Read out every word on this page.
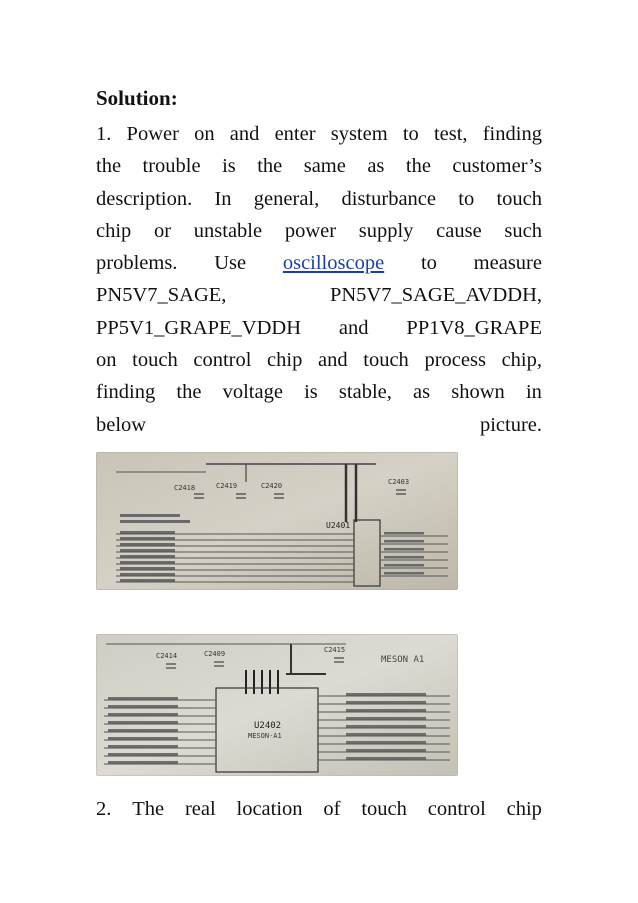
Solution:
1. Power on and enter system to test, finding
the trouble is the same as the customer’s
description. In general, disturbance to touch
chip or unstable power supply cause such
problems. Use oscilloscope to measure
PN5V7_SAGE,	PN5V7_SAGE_AVDDH,
PP5V1_GRAPE_VDDH and PP1V8_GRAPE
on touch control chip and touch process chip,
finding the voltage is stable, as shown in
below picture.
C2418	C2419	C2420	C2403
U2401
C2414	C2409	C2415
MESON A1
U2402
MESON-A1
2. The real location of touch control chip
